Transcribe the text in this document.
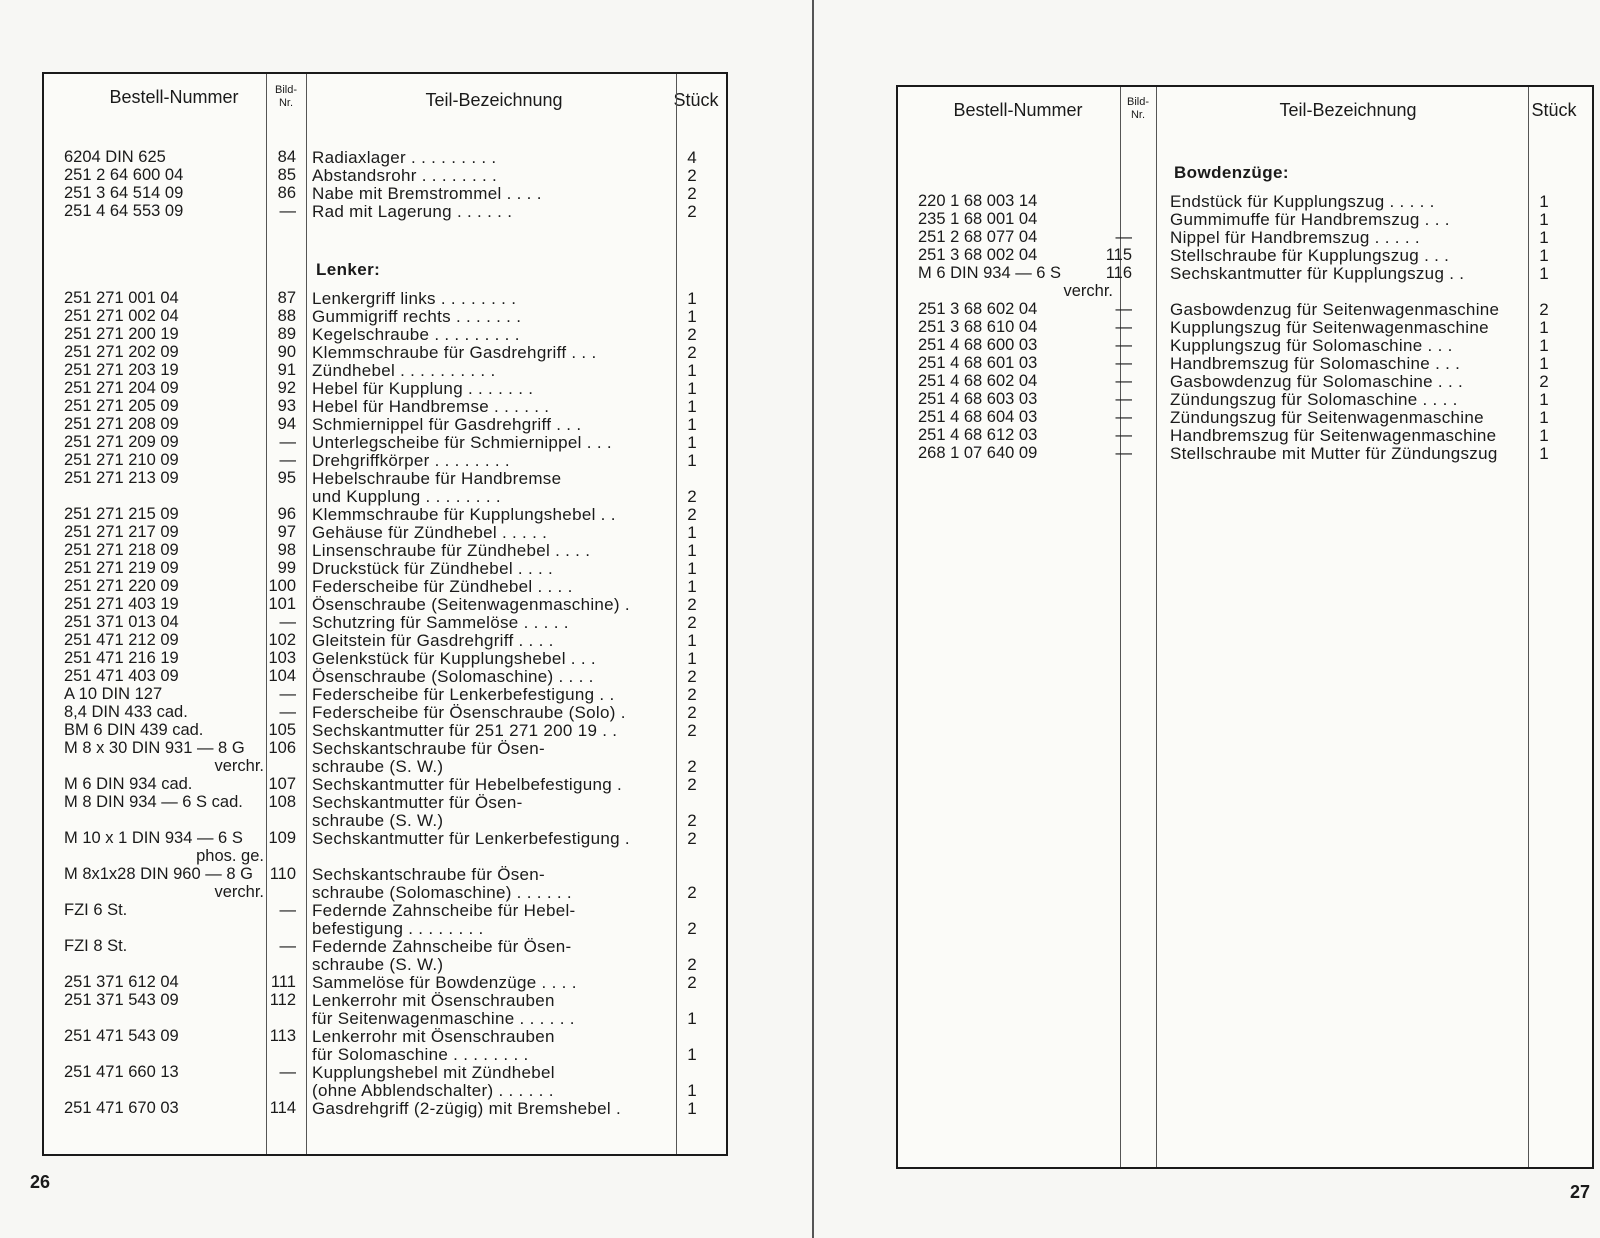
Bestell-Nummer	Bild-
Nr.	Teil-Bezeichnung	Stück
Lenker:
6204 DIN 625	84 Radiaxlager . . . . . . . . .	4
251 2 64 600 04	85 Abstandsrohr . . . . . . . .	2
251 3 64 514 09	86 Nabe mit Bremstrommel . . . .	2
251 4 64 553 09	— Rad mit Lagerung . . . . . .	2
251 271 001 04	87 Lenkergriff links . . . . . . . .	1
251 271 002 04	88 Gummigriff rechts . . . . . . .	1
251 271 200 19	89 Kegelschraube . . . . . . . . .	2
251 271 202 09	90 Klemmschraube für Gasdrehgriff . . .	2
251 271 203 19	91 Zündhebel . . . . . . . . . .	1
251 271 204 09	92 Hebel für Kupplung . . . . . . .	1
251 271 205 09	93 Hebel für Handbremse . . . . . .	1
251 271 208 09	94 Schmiernippel für Gasdrehgriff . . .	1
251 271 209 09	— Unterlegscheibe für Schmiernippel . . .	1
251 271 210 09	— Drehgriffkörper . . . . . . . .	1
251 271 213 09	95 Hebelschraube für Handbremse
und Kupplung . . . . . . . .	2
251 271 215 09	96 Klemmschraube für Kupplungshebel . .	2
251 271 217 09	97 Gehäuse für Zündhebel . . . . .	1
251 271 218 09	98 Linsenschraube für Zündhebel . . . .	1
251 271 219 09	99 Druckstück für Zündhebel . . . .	1
251 271 220 09	100 Federscheibe für Zündhebel . . . .	1
251 271 403 19	101 Ösenschraube (Seitenwagenmaschine) .	2
251 371 013 04	— Schutzring für Sammelöse . . . . .	2
251 471 212 09	102 Gleitstein für Gasdrehgriff . . . .	1
251 471 216 19	103 Gelenkstück für Kupplungshebel . . .	1
251 471 403 09	104 Ösenschraube (Solomaschine) . . . .	2
A 10 DIN 127	— Federscheibe für Lenkerbefestigung . .	2
8,4 DIN 433 cad.	— Federscheibe für Ösenschraube (Solo) .	2
BM 6 DIN 439 cad.	105 Sechskantmutter für 251 271 200 19 . .	2
M 8 x 30 DIN 931 — 8 G	106 Sechskantschraube für Ösen-
verchr.	schraube (S. W.)	2
M 6 DIN 934 cad.	107 Sechskantmutter für Hebelbefestigung .	2
M 8 DIN 934 — 6 S cad.	108 Sechskantmutter für Ösen-
schraube (S. W.)	2
M 10 x 1 DIN 934 — 6 S	109 Sechskantmutter für Lenkerbefestigung .	2
phos. ge.
M 8x1x28 DIN 960 — 8 G	110 Sechskantschraube für Ösen-
verchr.	schraube (Solomaschine) . . . . . .	2
FZI 6 St.	— Federnde Zahnscheibe für Hebel-
befestigung . . . . . . . .	2
FZI 8 St.	— Federnde Zahnscheibe für Ösen-
schraube (S. W.)	2
251 371 612 04	111 Sammelöse für Bowdenzüge . . . .	2
251 371 543 09	112 Lenkerrohr mit Ösenschrauben
für Seitenwagenmaschine . . . . . .	1
251 471 543 09	113 Lenkerrohr mit Ösenschrauben
für Solomaschine . . . . . . . .	1
251 471 660 13	— Kupplungshebel mit Zündhebel
(ohne Abblendschalter) . . . . . .	1
251 471 670 03	114 Gasdrehgriff (2-zügig) mit Bremshebel .	1
26
Bestell-Nummer	Bild-
Nr.	Teil-Bezeichnung	Stück
Bowdenzüge:
220 1 68 003 14	Endstück für Kupplungszug . . . . .	1
235 1 68 001 04	Gummimuffe für Handbremszug . . .	1
251 2 68 077 04	— Nippel für Handbremszug . . . . .	1
251 3 68 002 04	115 Stellschraube für Kupplungszug . . .	1
M 6 DIN 934 — 6 S	116 Sechskantmutter für Kupplungszug . .	1
verchr.
251 3 68 602 04	— Gasbowdenzug für Seitenwagenmaschine	2
251 3 68 610 04	— Kupplungszug für Seitenwagenmaschine	1
251 4 68 600 03	— Kupplungszug für Solomaschine . . .	1
251 4 68 601 03	— Handbremszug für Solomaschine . . .	1
251 4 68 602 04	— Gasbowdenzug für Solomaschine . . .	2
251 4 68 603 03	— Zündungszug für Solomaschine . . . .	1
251 4 68 604 03	— Zündungszug für Seitenwagenmaschine	1
251 4 68 612 03	— Handbremszug für Seitenwagenmaschine	1
268 1 07 640 09	— Stellschraube mit Mutter für Zündungszug	1
27
